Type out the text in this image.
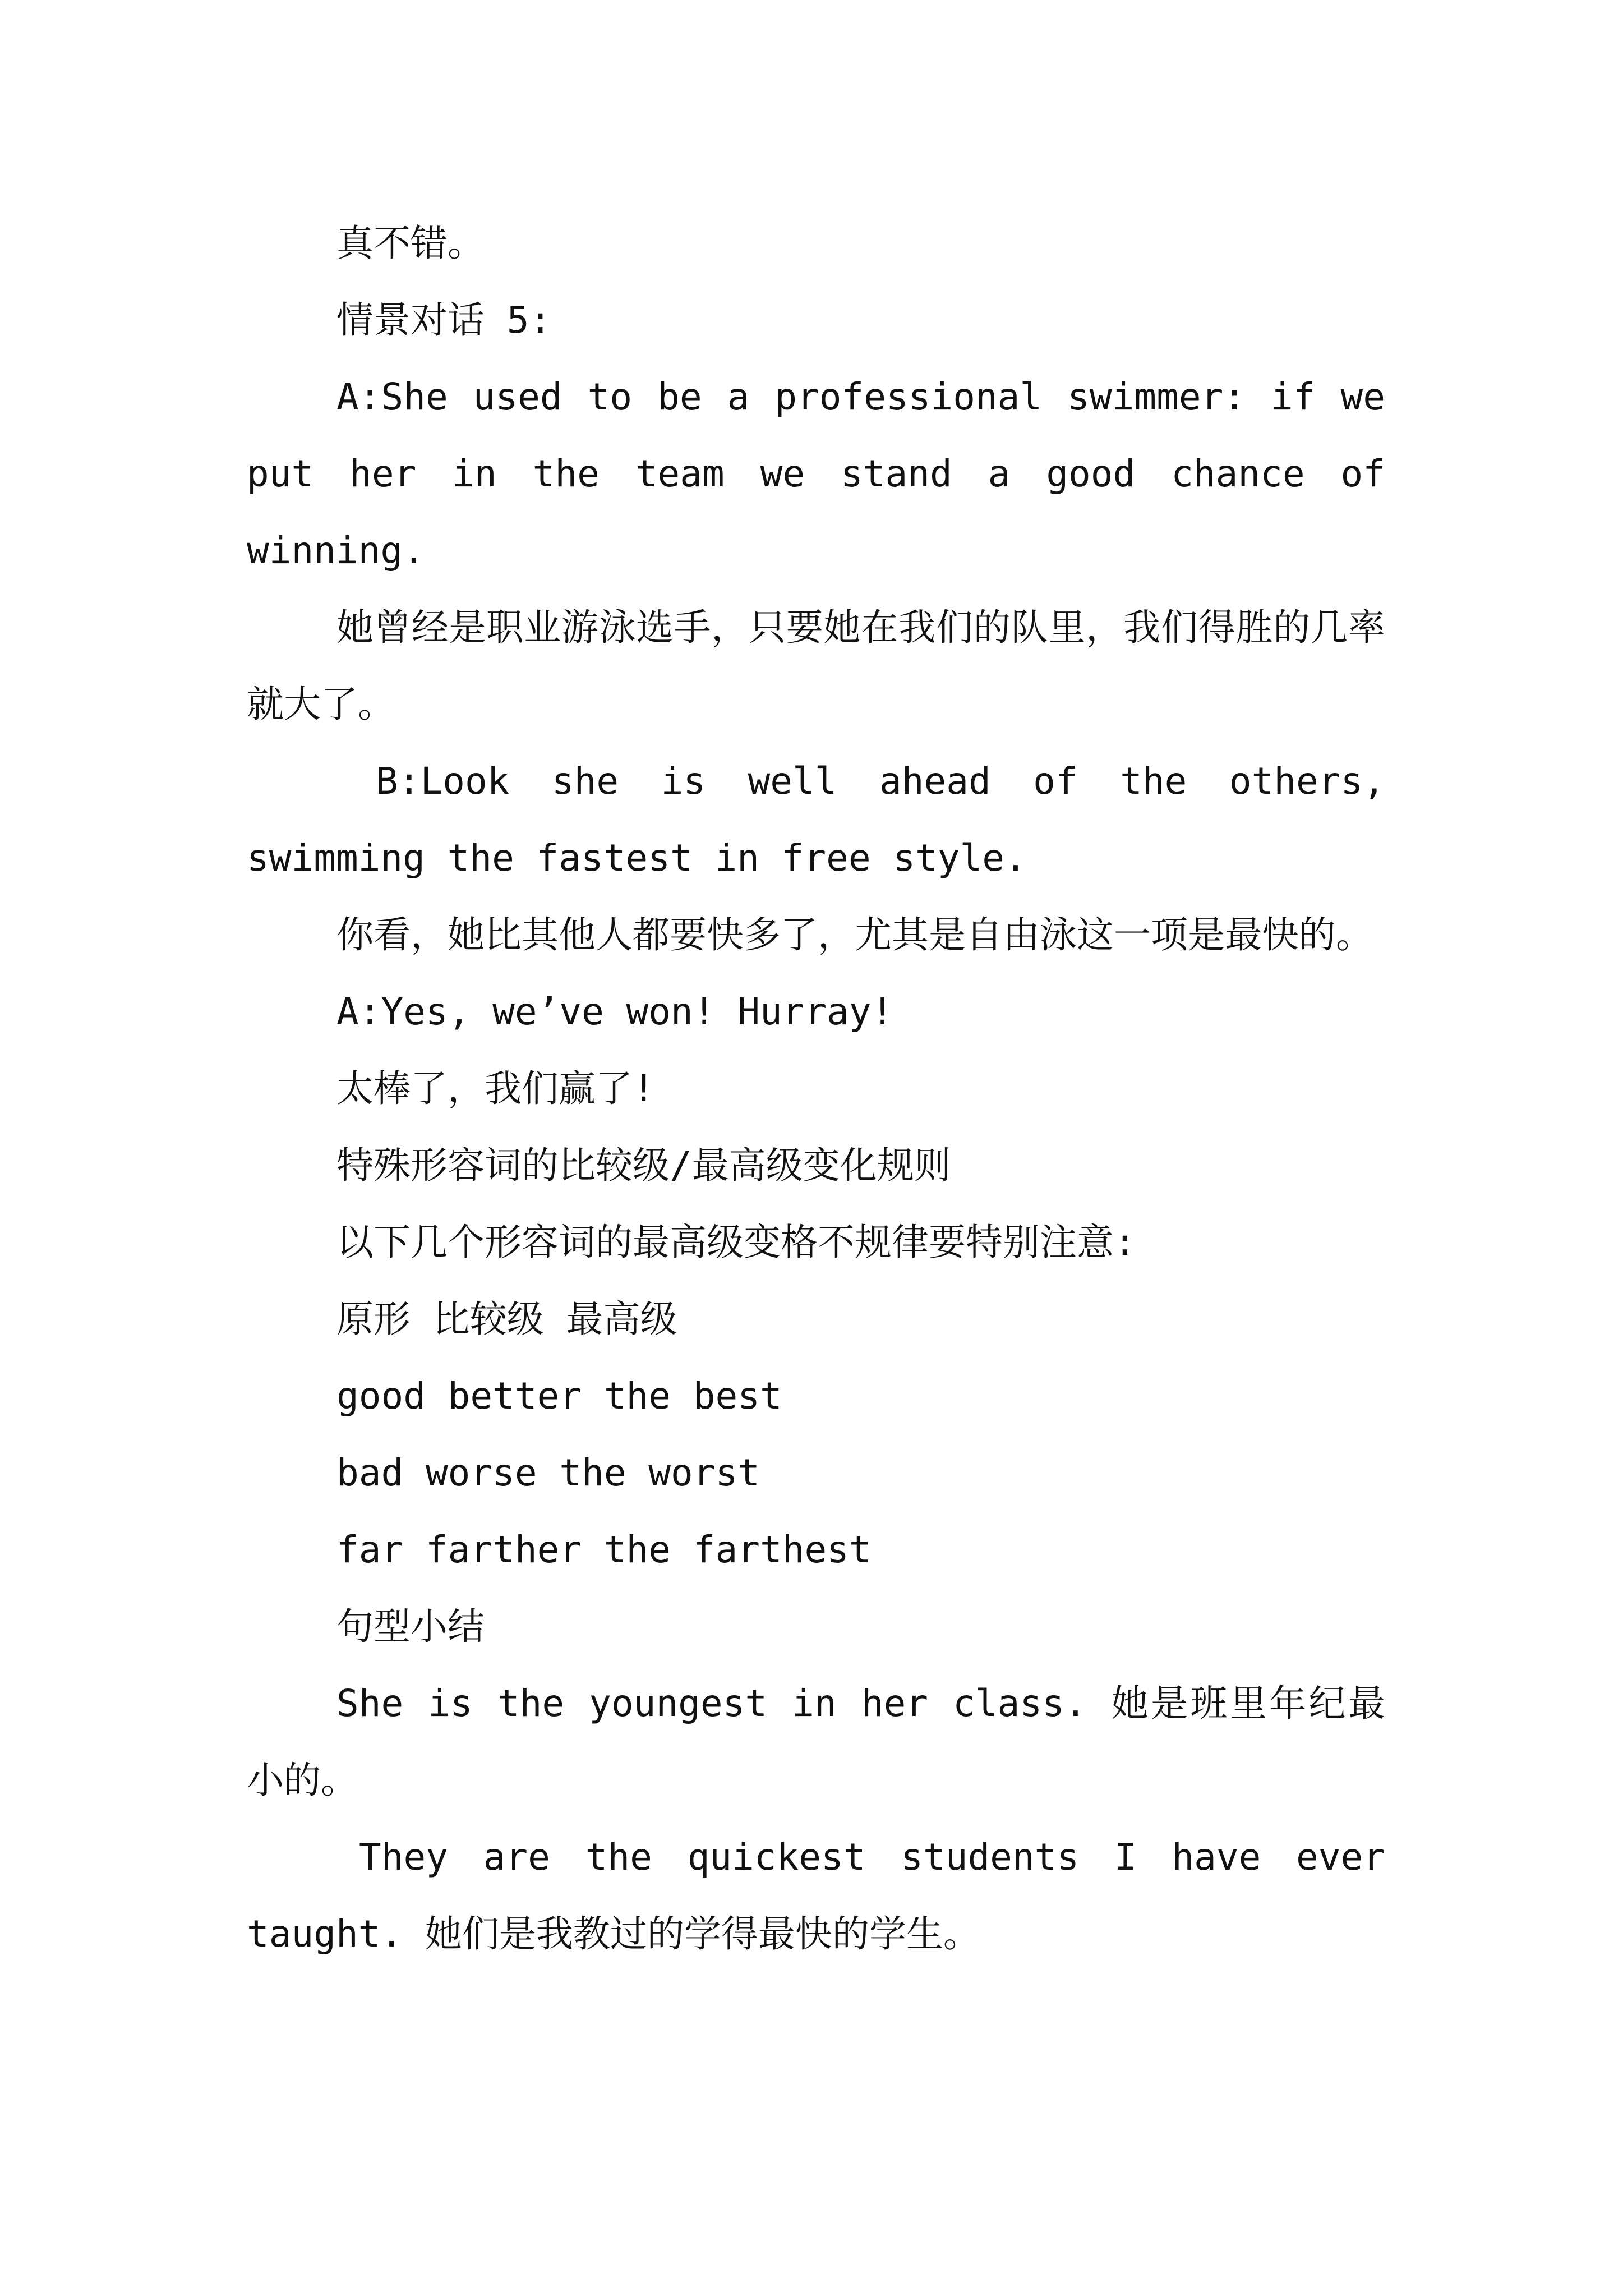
真不错。

情景对话 5:

A:She used to be a professional swimmer: if we put her in the team we stand a good chance of winning.

她曾经是职业游泳选手，只要她在我们的队里，我们得胜的几率就大了。

B:Look she is well ahead of the others, swimming the fastest in free style.

你看，她比其他人都要快多了，尤其是自由泳这一项是最快的。

A:Yes, we’ve won! Hurray!

太棒了，我们赢了!

特殊形容词的比较级/最高级变化规则

以下几个形容词的最高级变格不规律要特别注意:

原形 比较级 最高级

good better the best

bad worse the worst

far farther the farthest

句型小结

She is the youngest in her class. 她是班里年纪最小的。

They are the quickest students I have ever taught. 她们是我教过的学得最快的学生。
